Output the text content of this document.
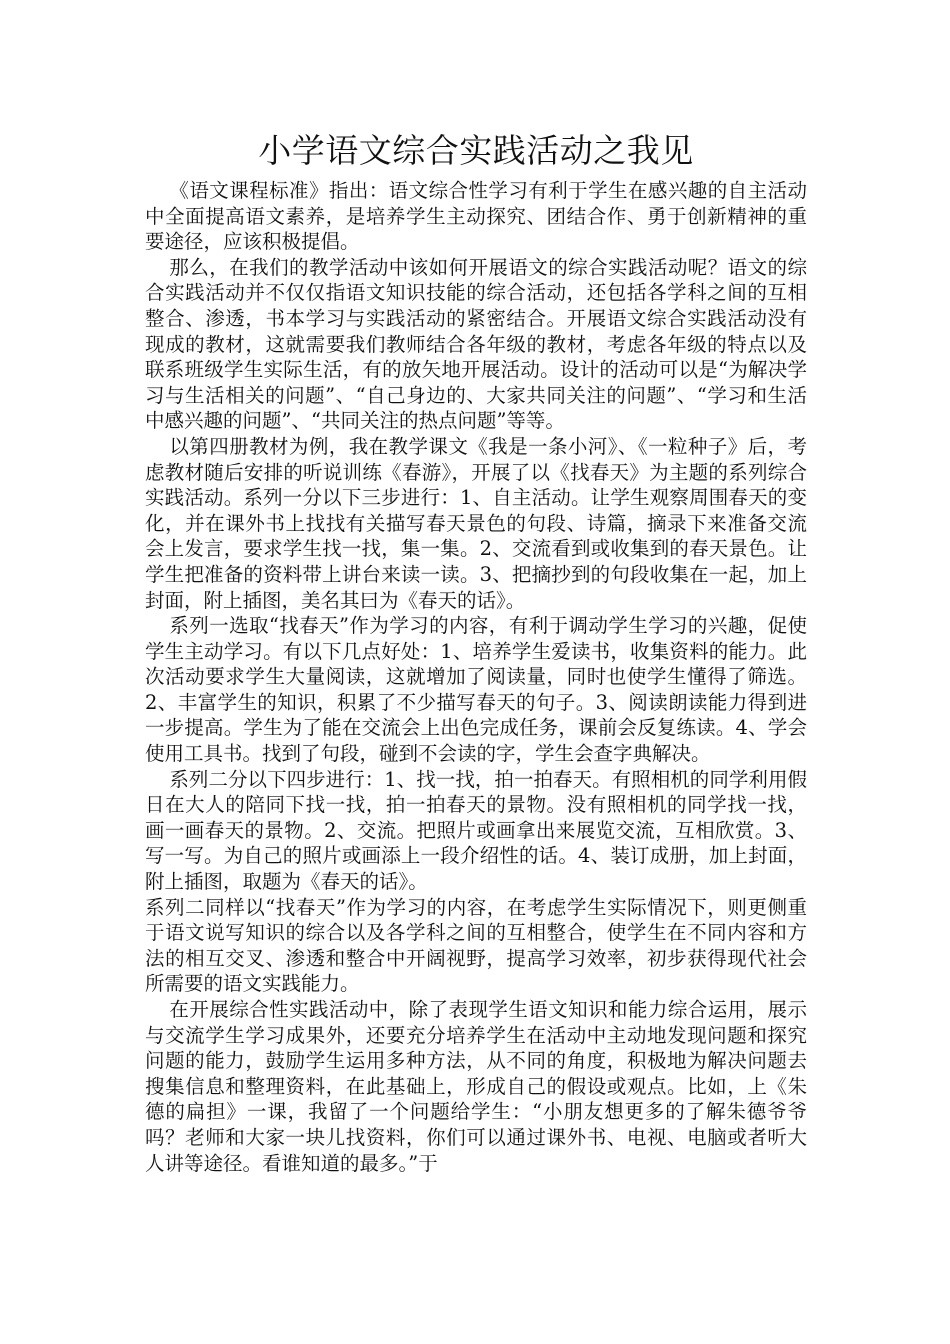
小学语文综合实践活动之我见

《语文课程标准》指出：语文综合性学习有利于学生在感兴趣的自主活动中全面提高语文素养，是培养学生主动探究、团结合作、勇于创新精神的重要途径，应该积极提倡。

那么，在我们的教学活动中该如何开展语文的综合实践活动呢？语文的综合实践活动并不仅仅指语文知识技能的综合活动，还包括各学科之间的互相整合、渗透，书本学习与实践活动的紧密结合。开展语文综合实践活动没有现成的教材，这就需要我们教师结合各年级的教材，考虑各年级的特点以及联系班级学生实际生活，有的放矢地开展活动。设计的活动可以是“为解决学习与生活相关的问题”、“自己身边的、大家共同关注的问题”、“学习和生活中感兴趣的问题”、“共同关注的热点问题”等等。

以第四册教材为例，我在教学课文《我是一条小河》、《一粒种子》后，考虑教材随后安排的听说训练《春游》，开展了以《找春天》为主题的系列综合实践活动。系列一分以下三步进行：1、自主活动。让学生观察周围春天的变化，并在课外书上找找有关描写春天景色的句段、诗篇，摘录下来准备交流会上发言，要求学生找一找，集一集。2、交流看到或收集到的春天景色。让学生把准备的资料带上讲台来读一读。3、把摘抄到的句段收集在一起，加上封面，附上插图，美名其曰为《春天的话》。

系列一选取“找春天”作为学习的内容，有利于调动学生学习的兴趣，促使学生主动学习。有以下几点好处：1、培养学生爱读书，收集资料的能力。此次活动要求学生大量阅读，这就增加了阅读量，同时也使学生懂得了筛选。2、丰富学生的知识，积累了不少描写春天的句子。3、阅读朗读能力得到进一步提高。学生为了能在交流会上出色完成任务，课前会反复练读。4、学会使用工具书。找到了句段，碰到不会读的字，学生会查字典解决。

系列二分以下四步进行：1、找一找，拍一拍春天。有照相机的同学利用假日在大人的陪同下找一找，拍一拍春天的景物。没有照相机的同学找一找，画一画春天的景物。2、交流。把照片或画拿出来展览交流，互相欣赏。3、写一写。为自己的照片或画添上一段介绍性的话。4、装订成册，加上封面，附上插图，取题为《春天的话》。

系列二同样以“找春天”作为学习的内容，在考虑学生实际情况下，则更侧重于语文说写知识的综合以及各学科之间的互相整合，使学生在不同内容和方法的相互交叉、渗透和整合中开阔视野，提高学习效率，初步获得现代社会所需要的语文实践能力。

在开展综合性实践活动中，除了表现学生语文知识和能力综合运用，展示与交流学生学习成果外，还要充分培养学生在活动中主动地发现问题和探究问题的能力，鼓励学生运用多种方法，从不同的角度，积极地为解决问题去搜集信息和整理资料，在此基础上，形成自己的假设或观点。比如，上《朱德的扁担》一课，我留了一个问题给学生：“小朋友想更多的了解朱德爷爷吗？老师和大家一块儿找资料，你们可以通过课外书、电视、电脑或者听大人讲等途径。看谁知道的最多。”于
